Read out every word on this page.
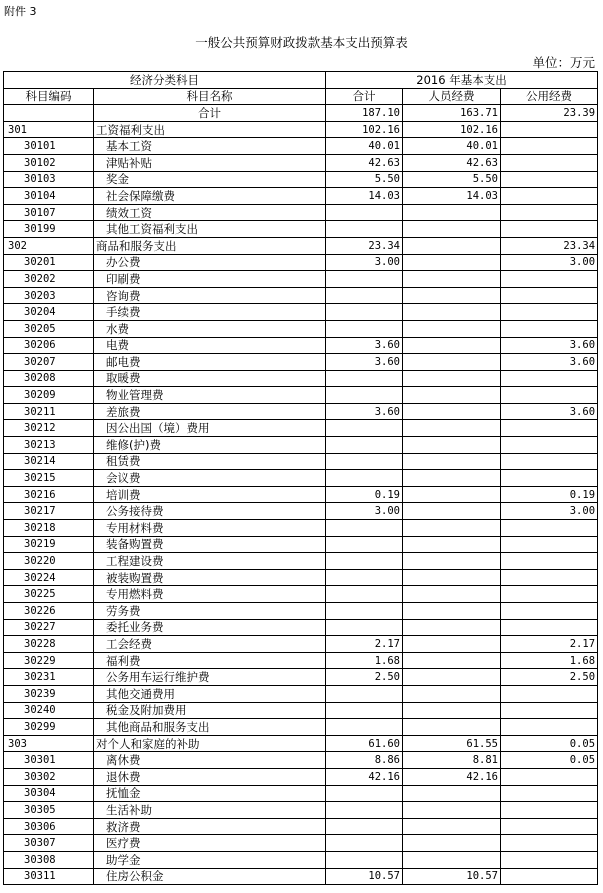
附件 3
一般公共预算财政拨款基本支出预算表
单位：万元
经济分类科目		2016 年基本支出		
科目编码	科目名称	合计	人员经费	公用经费
	合计	187.10	163.71	23.39
301	工资福利支出	102.16	102.16	
30101	基本工资	40.01	40.01	
30102	津贴补贴	42.63	42.63	
30103	奖金	5.50	5.50	
30104	社会保障缴费	14.03	14.03	
30107	绩效工资			
30199	其他工资福利支出			
302	商品和服务支出	23.34		23.34
30201	办公费	3.00		3.00
30202	印刷费			
30203	咨询费			
30204	手续费			
30205	水费			
30206	电费	3.60		3.60
30207	邮电费	3.60		3.60
30208	取暖费			
30209	物业管理费			
30211	差旅费	3.60		3.60
30212	因公出国（境）费用			
30213	维修(护)费			
30214	租赁费			
30215	会议费			
30216	培训费	0.19		0.19
30217	公务接待费	3.00		3.00
30218	专用材料费			
30219	装备购置费			
30220	工程建设费			
30224	被装购置费			
30225	专用燃料费			
30226	劳务费			
30227	委托业务费			
30228	工会经费	2.17		2.17
30229	福利费	1.68		1.68
30231	公务用车运行维护费	2.50		2.50
30239	其他交通费用			
30240	税金及附加费用			
30299	其他商品和服务支出			
303	对个人和家庭的补助	61.60	61.55	0.05
30301	离休费	8.86	8.81	0.05
30302	退休费	42.16	42.16	
30304	抚恤金			
30305	生活补助			
30306	救济费			
30307	医疗费			
30308	助学金			
30311	住房公积金	10.57	10.57	
